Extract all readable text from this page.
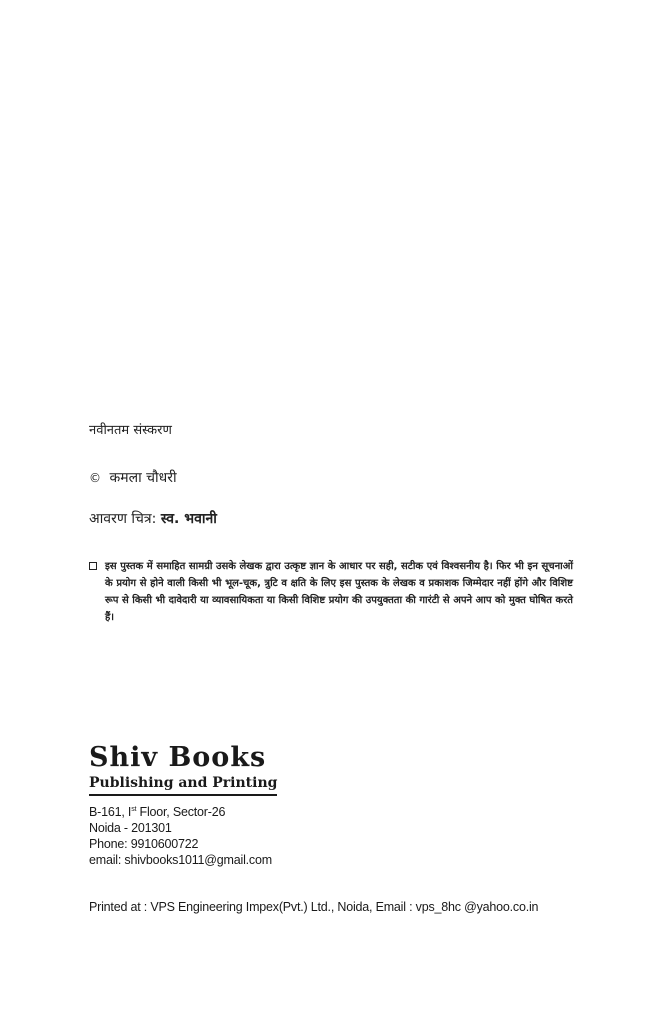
नवीनतम संस्करण
© कमला चौधरी
आवरण चित्र: स्व. भवानी
इस पुस्तक में समाहित सामग्री उसके लेखक द्वारा उत्कृष्ट ज्ञान के आधार पर सही, सटीक एवं विश्वसनीय है। फिर भी इन सूचनाओं के प्रयोग से होने वाली किसी भी भूल-चूक, त्रुटि व क्षति के लिए इस पुस्तक के लेखक व प्रकाशक जिम्मेदार नहीं होंगे और विशिष्ट रूप से किसी भी दावेदारी या व्यावसायिकता या किसी विशिष्ट प्रयोग की उपयुक्तता की गारंटी से अपने आप को मुक्त घोषित करते हैं।
Shiv Books
Publishing and Printing
B-161, Ist Floor, Sector-26
Noida - 201301
Phone: 9910600722
email: shivbooks1011@gmail.com
Printed at : VPS Engineering Impex(Pvt.) Ltd., Noida, Email : vps_8hc @yahoo.co.in
